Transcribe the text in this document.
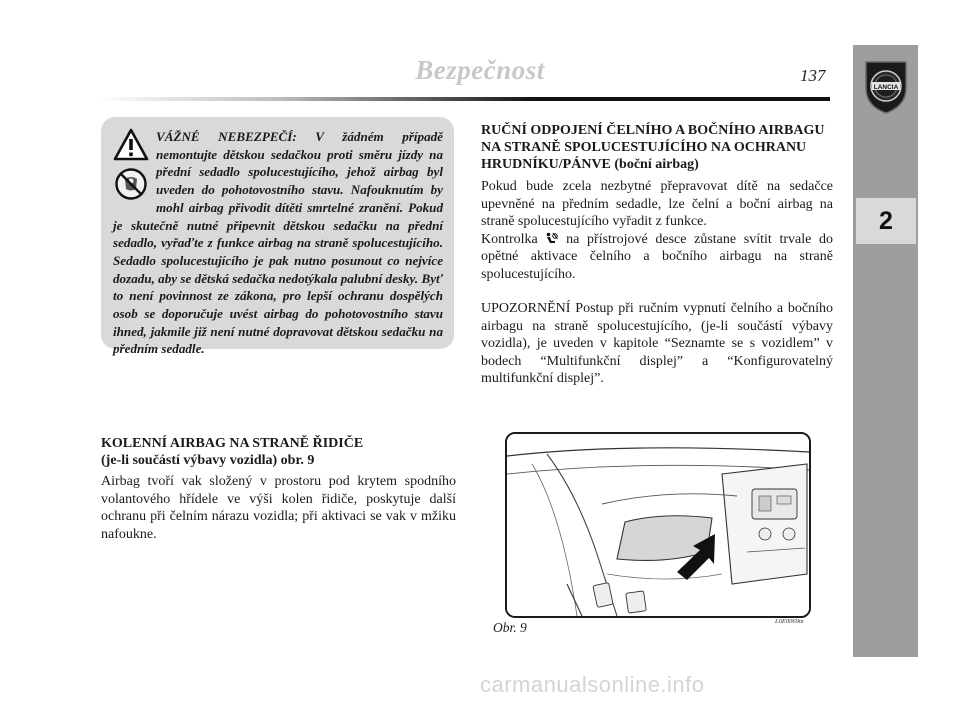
LANCIA
2
Bezpečnost	137
VÁŽNÉ NEBEZPEČÍ: V žádném případě nemontujte dětskou sedačkou proti směru jízdy na přední sedadlo spolucestujícího, jehož airbag byl uveden do pohotovostního stavu. Nafouknutím by mohl airbag přivodit dítěti smrtelné zranění. Pokud je skutečně nutné připevnit dětskou sedačku na přední sedadlo, vyřaďte z funkce airbag na straně spolucestujícího. Sedadlo spolucestujícího je pak nutno posunout co nejvíce dozadu, aby se dětská sedačka nedotýkala palubní desky. Byť to není povinnost ze zákona, pro lepší ochranu dospělých osob se doporučuje uvést airbag do pohotovostního stavu ihned, jakmile již není nutné dopravovat dětskou sedačku na předním sedadle.
RUČNÍ ODPOJENÍ ČELNÍHO A BOČNÍHO AIRBAGU NA STRANĚ SPOLUCESTUJÍCÍHO NA OCHRANU HRUDNÍKU/PÁNVE (boční airbag)

Pokud bude zcela nezbytné přepravovat dítě na sedačce upevněné na předním sedadle, lze čelní a boční airbag na straně spolucestujícího vyřadit z funkce.

Kontrolka na přístrojové desce zůstane svítit trvale do opětné aktivace čelního a bočního airbagu na straně spolucestujícího.

UPOZORNĚNÍ Postup při ručním vypnutí čelního a bočního airbagu na straně spolucestujícího, (je-li součástí výbavy vozidla), je uveden v kapitole “Seznamte se s vozidlem” v bodech “Multifunkční displej” a “Konfigurovatelný multifunkční displej”.

KOLENNÍ AIRBAG NA STRANĚ ŘIDIČE
(je-li součástí výbavy vozidla) obr. 9
Airbag tvoří vak složený v prostoru pod krytem spodního volantového hřídele ve výši kolen řidiče, poskytuje další ochranu při čelním nárazu vozidla; při aktivaci se vak v mžiku nafoukne.
Obr. 9	L0E0069m
carmanualsonline.info
